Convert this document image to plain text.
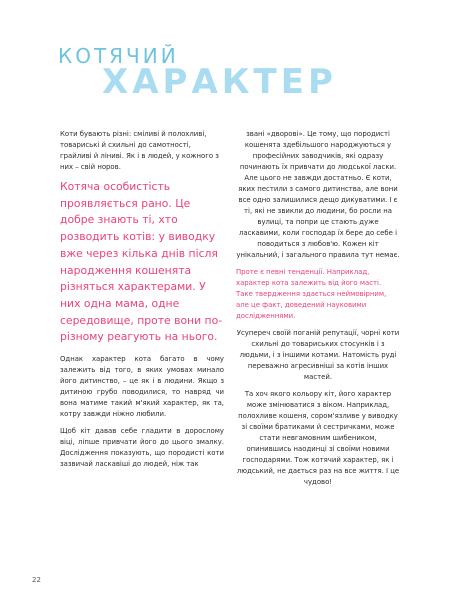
КОТЯЧИЙ
ХАРАКТЕР

Коти бувають різні: сміливі й полохливі, товариські й схильні до самотності, грайливі й ліниві. Як і в людей, у кожного з них – свій норов.

Котяча особистість проявляється рано. Це добре знають ті, хто розводить котів: у виводку вже через кілька днів після народження кошенята різняться характерами. У них одна мама, одне середовище, проте вони по-різному реагують на нього.

Однак характер кота багато в чому залежить від того, в яких умовах минало його дитинство, – це як і в людини. Якщо з дитиною грубо поводилися, то навряд чи вона матиме такий м'який характер, як та, котру завжди ніжно любили.

Щоб кіт давав себе гладити в дорослому віці, ліпше привчати його до цього змалку. Дослідження показують, що породисті коти зазвичай ласкавіші до людей, ніж так

звані «дворові». Це тому, що породисті кошенята здебільшого народжуються у професійних заводчиків, які одразу починають їх привчати до людської ласки. Але цього не завжди достатньо. Є коти, яких пестили з самого дитинства, але вони все одно залишилися дещо дикуватими. І є ті, які не звикли до людини, бо росли на вулиці, та попри це стають дуже ласкавими, коли господар їх бере до себе і поводиться з любов'ю. Кожен кіт унікальний, і загального правила тут немає.

Проте є певні тенденції. Наприклад, характер кота залежить від його масті. Таке твердження здається неймовірним, але це факт, доведений науковими дослідженнями.

Усупереч своїй поганій репутації, чорні коти схильні до товариських стосунків і з людьми, і з іншими котами. Натомість руді переважно агресивніші за котів інших мастей.

Та хоч якого кольору кіт, його характер може змінюватися з віком. Наприклад, полохливе кошеня, сором'язливе у виводку зі своїми братиками й сестричками, може стати невгамовним шибеником, опинившись наодинці зі своїми новими господарями. Тож котячий характер, як і людський, не дається раз на все життя. І це чудово!

22
